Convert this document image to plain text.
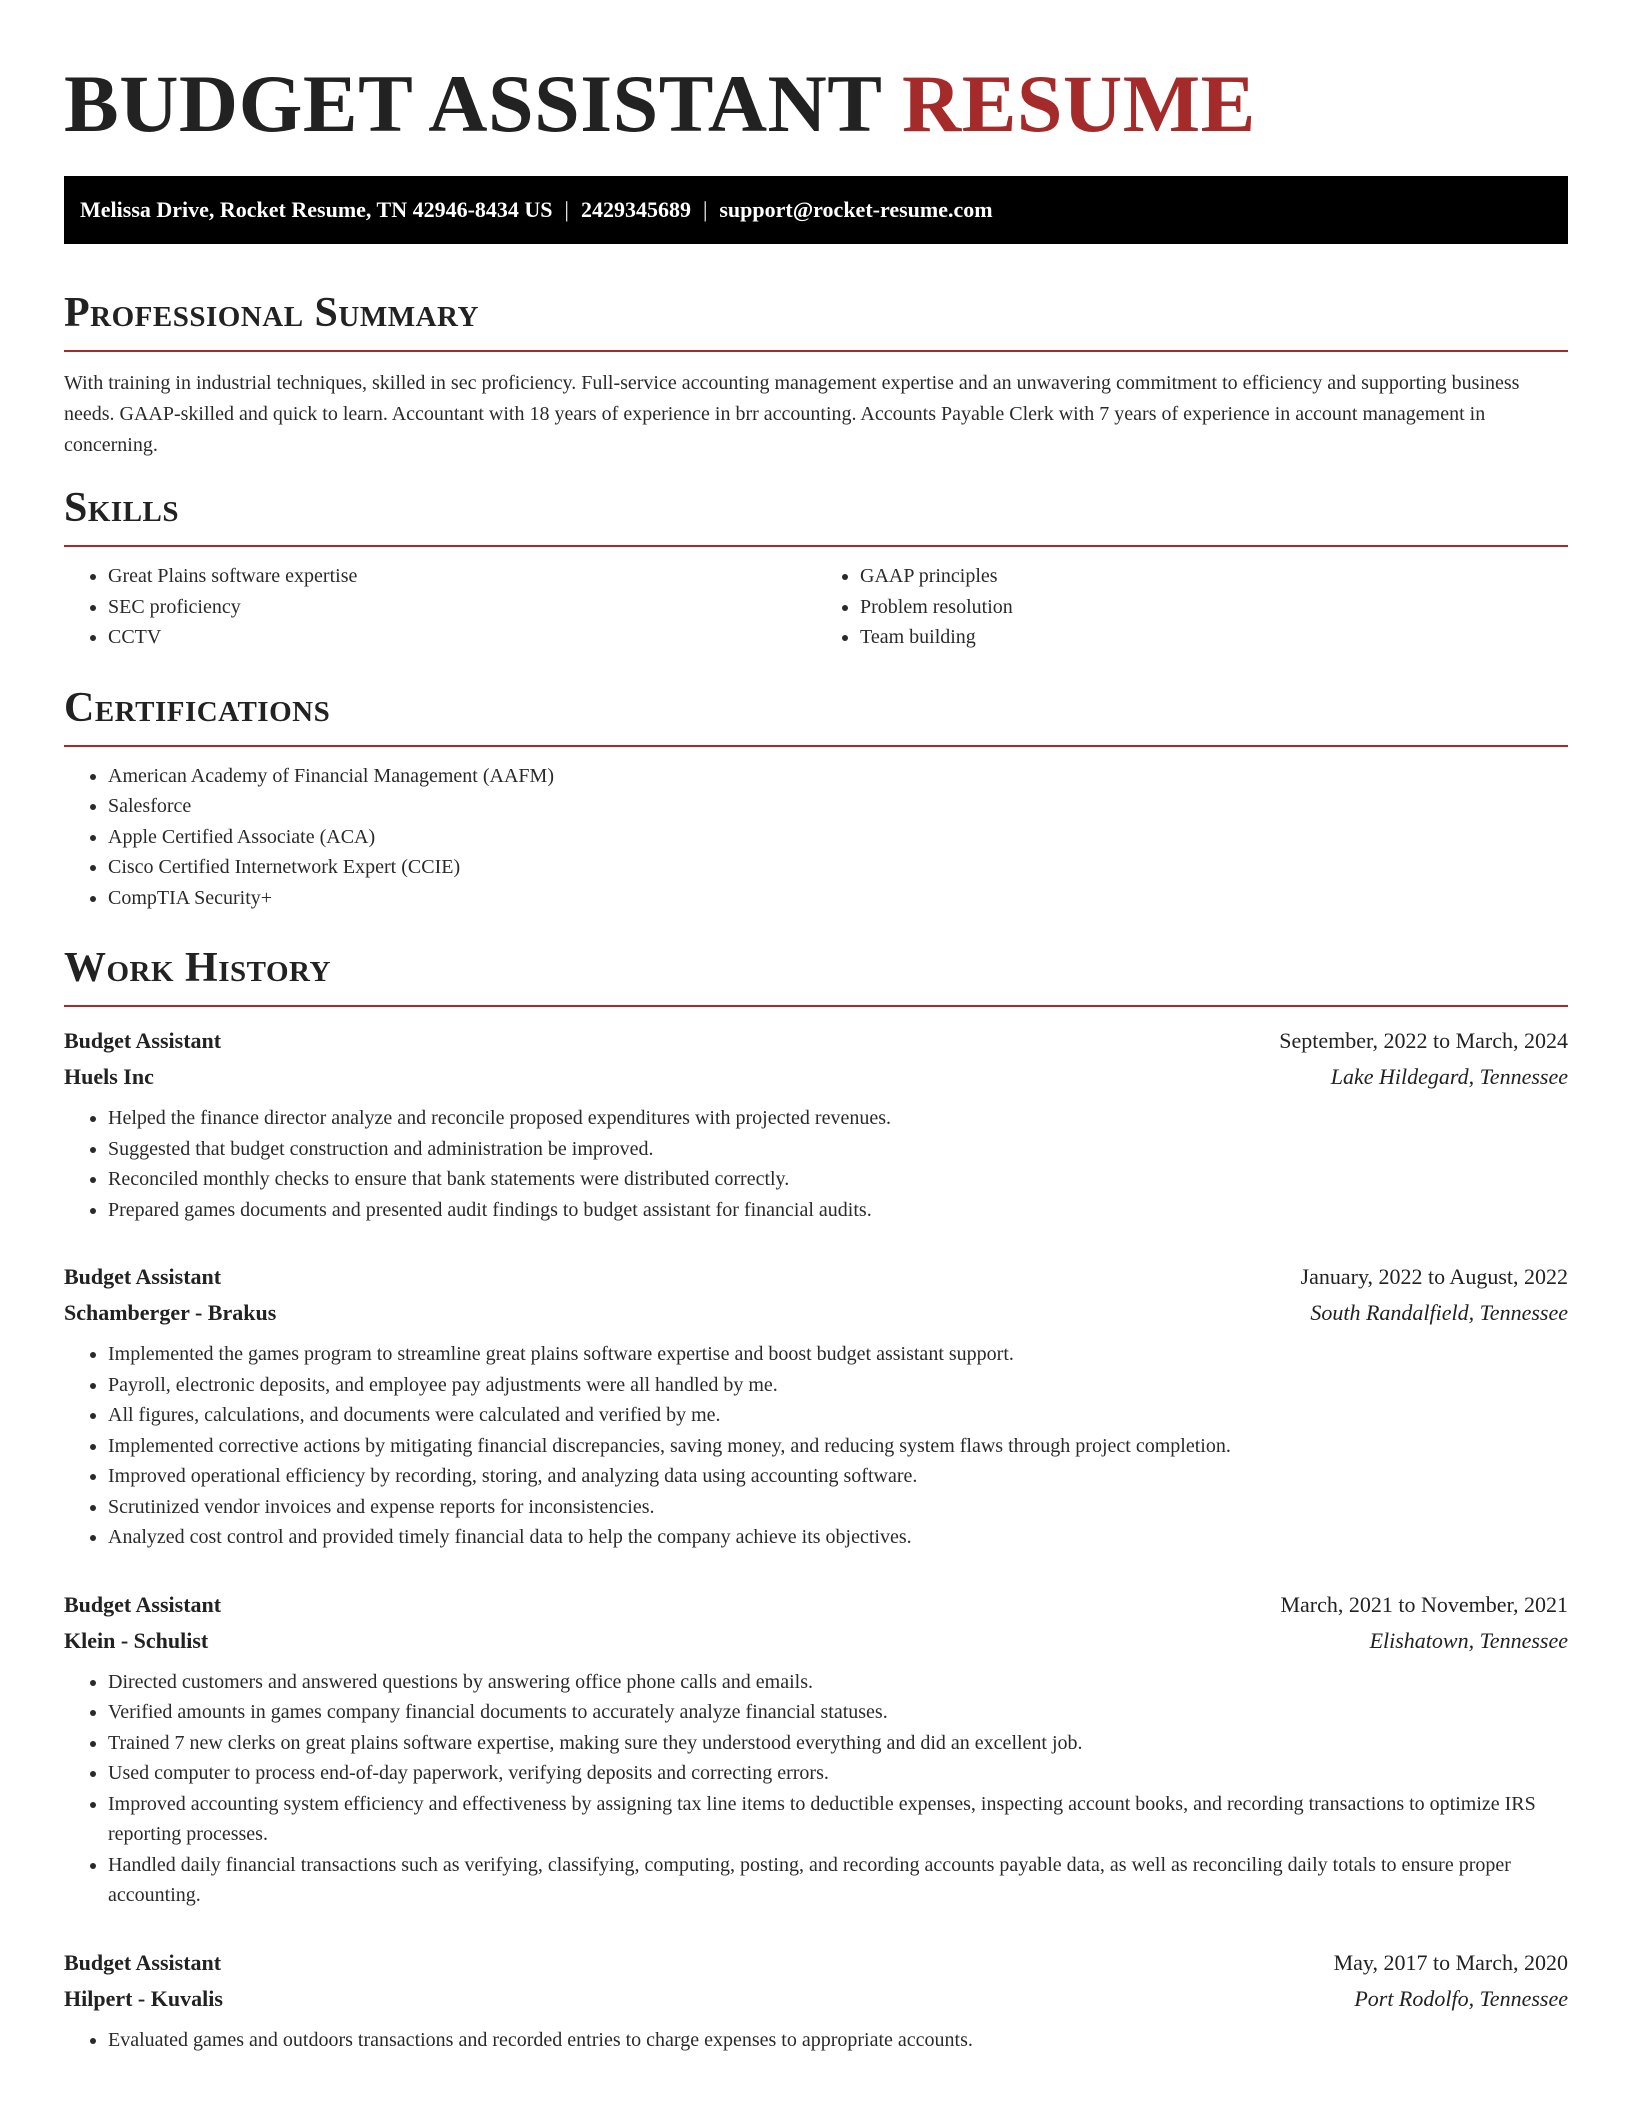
BUDGET ASSISTANT RESUME
Melissa Drive, Rocket Resume, TN 42946-8434 US | 2429345689 | support@rocket-resume.com
Professional Summary

With training in industrial techniques, skilled in sec proficiency. Full-service accounting management expertise and an unwavering commitment to efficiency and supporting business needs. GAAP-skilled and quick to learn. Accountant with 18 years of experience in brr accounting. Accounts Payable Clerk with 7 years of experience in account management in concerning.

Skills
• Great Plains software expertise
• SEC proficiency
• CCTV
• GAAP principles
• Problem resolution
• Team building
Certifications
• American Academy of Financial Management (AAFM)
• Salesforce
• Apple Certified Associate (ACA)
• Cisco Certified Internetwork Expert (CCIE)
• CompTIA Security+
Work History
Budget Assistant	September, 2022 to March, 2024
Huels Inc	Lake Hildegard, Tennessee
• Helped the finance director analyze and reconcile proposed expenditures with projected revenues.
• Suggested that budget construction and administration be improved.
• Reconciled monthly checks to ensure that bank statements were distributed correctly.
• Prepared games documents and presented audit findings to budget assistant for financial audits.
Budget Assistant	January, 2022 to August, 2022
Schamberger - Brakus	South Randalfield, Tennessee
• Implemented the games program to streamline great plains software expertise and boost budget assistant support.
• Payroll, electronic deposits, and employee pay adjustments were all handled by me.
• All figures, calculations, and documents were calculated and verified by me.
• Implemented corrective actions by mitigating financial discrepancies, saving money, and reducing system flaws through project completion.
• Improved operational efficiency by recording, storing, and analyzing data using accounting software.
• Scrutinized vendor invoices and expense reports for inconsistencies.
• Analyzed cost control and provided timely financial data to help the company achieve its objectives.
Budget Assistant	March, 2021 to November, 2021
Klein - Schulist	Elishatown, Tennessee
• Directed customers and answered questions by answering office phone calls and emails.
• Verified amounts in games company financial documents to accurately analyze financial statuses.
• Trained 7 new clerks on great plains software expertise, making sure they understood everything and did an excellent job.
• Used computer to process end-of-day paperwork, verifying deposits and correcting errors.
• Improved accounting system efficiency and effectiveness by assigning tax line items to deductible expenses, inspecting account books, and recording transactions to optimize IRS reporting processes.
• Handled daily financial transactions such as verifying, classifying, computing, posting, and recording accounts payable data, as well as reconciling daily totals to ensure proper accounting.
Budget Assistant	May, 2017 to March, 2020
Hilpert - Kuvalis	Port Rodolfo, Tennessee
• Evaluated games and outdoors transactions and recorded entries to charge expenses to appropriate accounts.
